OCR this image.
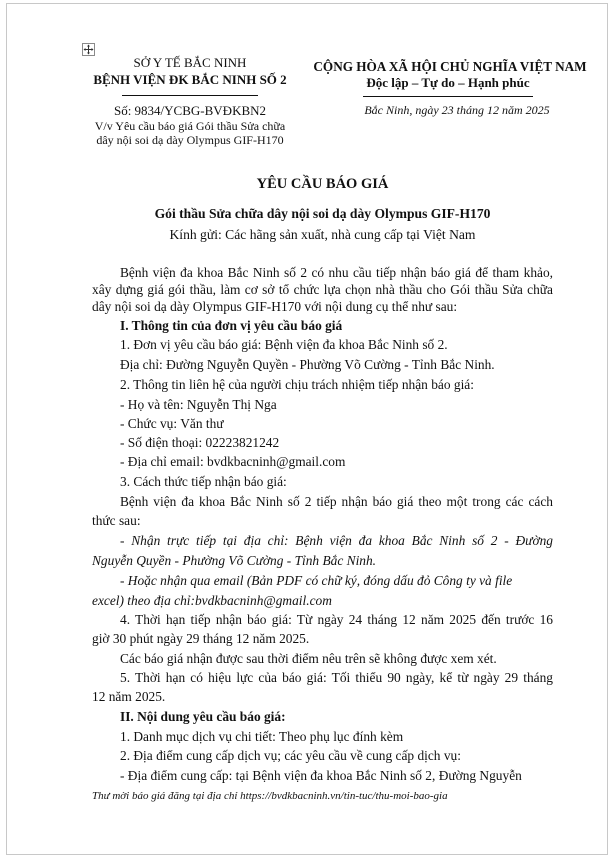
SỞ Y TẾ BẮC NINH
BỆNH VIỆN ĐK BẮC NINH SỐ 2
Số: 9834/YCBG-BVĐKBN2
V/v Yêu cầu báo giá Gói thầu Sửa chữa
dây nội soi dạ dày Olympus GIF-H170
CỘNG HÒA XÃ HỘI CHỦ NGHĨA VIỆT NAM
Độc lập – Tự do – Hạnh phúc
Bắc Ninh, ngày 23 tháng 12 năm 2025
YÊU CẦU BÁO GIÁ
Gói thầu Sửa chữa dây nội soi dạ dày Olympus GIF-H170
Kính gửi: Các hãng sản xuất, nhà cung cấp tại Việt Nam
Bệnh viện đa khoa Bắc Ninh số 2 có nhu cầu tiếp nhận báo giá để tham khảo,
xây dựng giá gói thầu, làm cơ sở tổ chức lựa chọn nhà thầu cho Gói thầu Sửa chữa
dây nội soi dạ dày Olympus GIF-H170 với nội dung cụ thể như sau:
I. Thông tin của đơn vị yêu cầu báo giá
1. Đơn vị yêu cầu báo giá: Bệnh viện đa khoa Bắc Ninh số 2.
Địa chỉ: Đường Nguyễn Quyền - Phường Võ Cường - Tỉnh Bắc Ninh.
2. Thông tin liên hệ của người chịu trách nhiệm tiếp nhận báo giá:
- Họ và tên: Nguyễn Thị Nga
- Chức vụ: Văn thư
- Số điện thoại: 02223821242
- Địa chỉ email: bvdkbacninh@gmail.com
3. Cách thức tiếp nhận báo giá:
Bệnh viện đa khoa Bắc Ninh số 2 tiếp nhận báo giá theo một trong các cách
thức sau:
- Nhận trực tiếp tại địa chỉ: Bệnh viện đa khoa Bắc Ninh số 2 - Đường
Nguyễn Quyền - Phường Võ Cường - Tỉnh Bắc Ninh.
- Hoặc nhận qua email (Bản PDF có chữ ký, đóng dấu đỏ Công ty và file
excel) theo địa chỉ:bvdkbacninh@gmail.com
4. Thời hạn tiếp nhận báo giá: Từ ngày 24 tháng 12 năm 2025 đến trước 16
giờ 30 phút ngày 29 tháng 12 năm 2025.
Các báo giá nhận được sau thời điểm nêu trên sẽ không được xem xét.
5. Thời hạn có hiệu lực của báo giá: Tối thiểu 90 ngày, kể từ ngày 29 tháng
12 năm 2025.
II. Nội dung yêu cầu báo giá:
1. Danh mục dịch vụ chi tiết: Theo phụ lục đính kèm
2. Địa điểm cung cấp dịch vụ; các yêu cầu về cung cấp dịch vụ:
- Địa điểm cung cấp: tại Bệnh viện đa khoa Bắc Ninh số 2, Đường Nguyễn
Thư mời báo giá đăng tại địa chỉ https://bvdkbacninh.vn/tin-tuc/thu-moi-bao-gia
